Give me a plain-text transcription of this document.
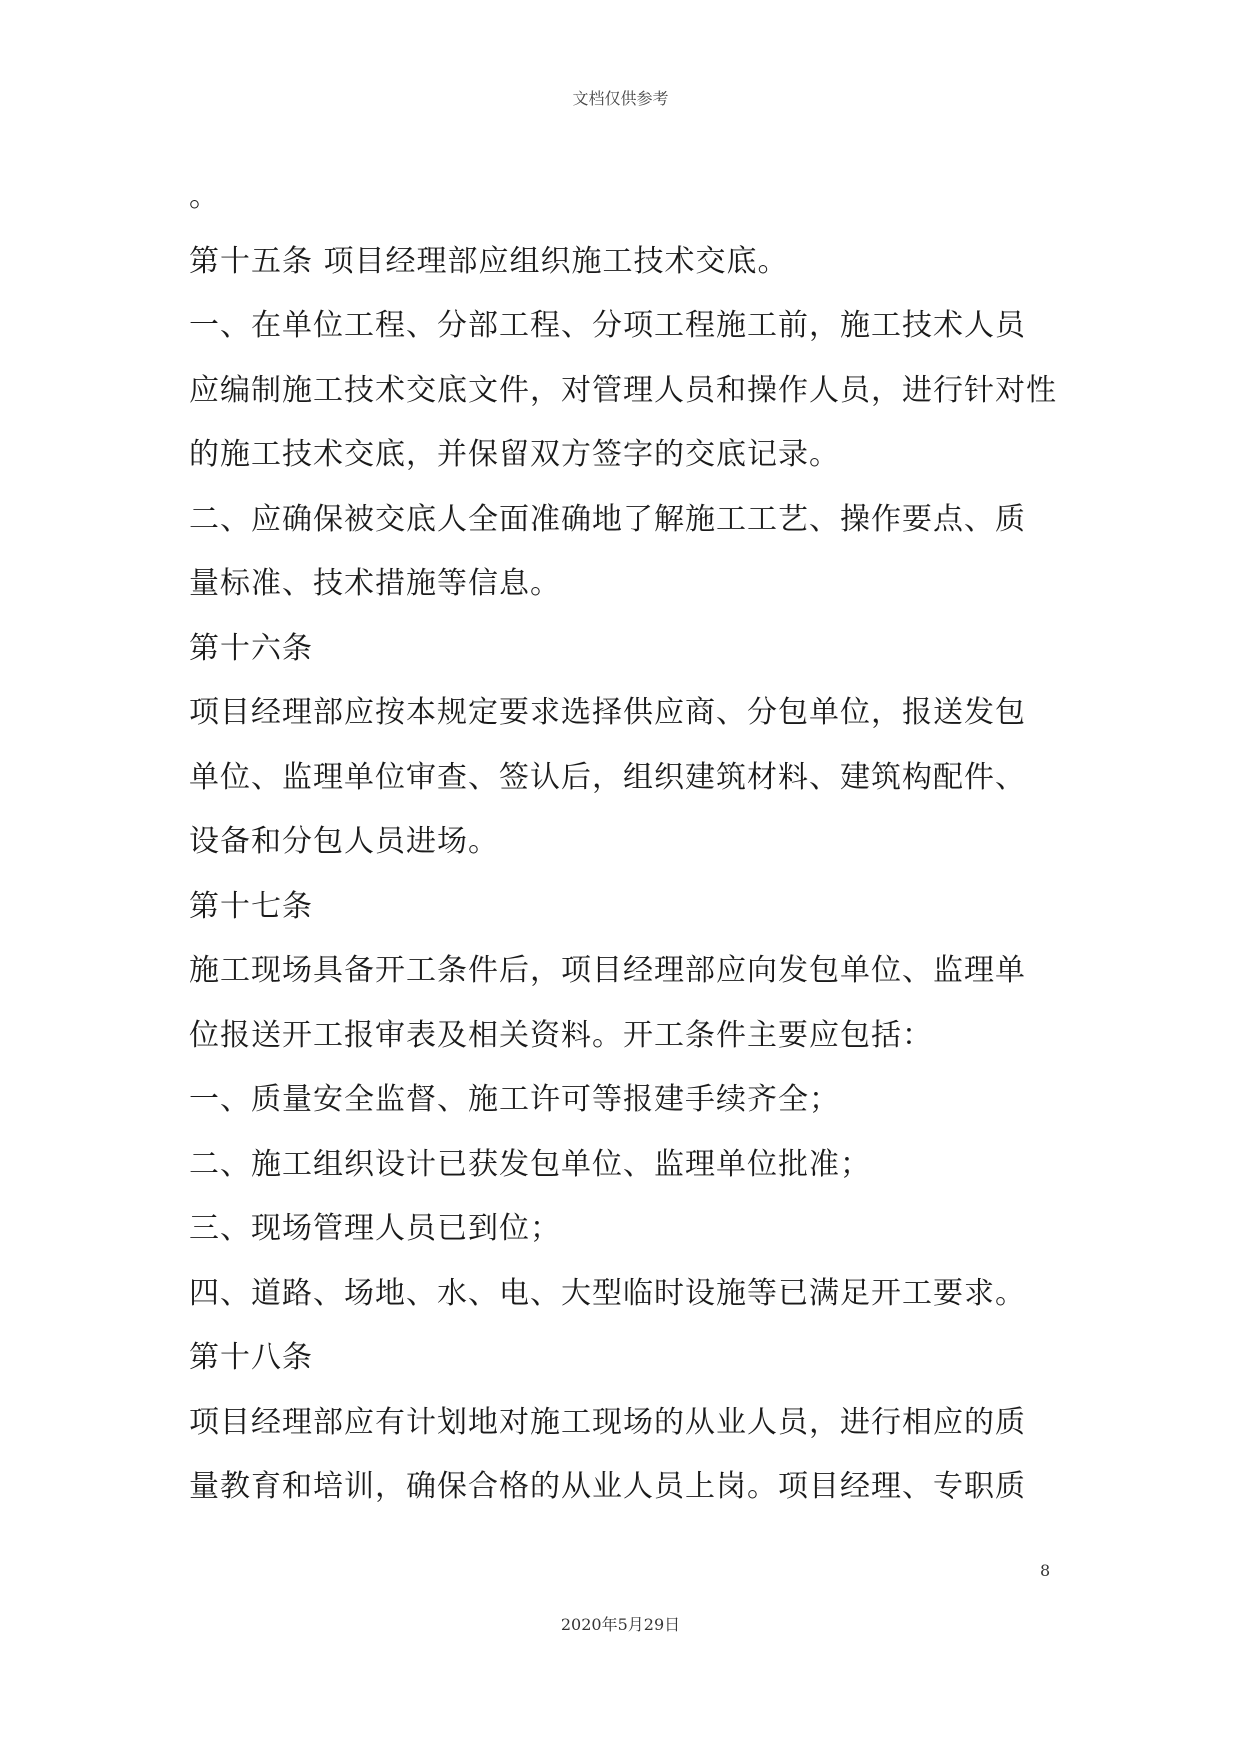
文档仅供参考
。
第十五条 项目经理部应组织施工技术交底。
一、在单位工程、分部工程、分项工程施工前，施工技术人员
应编制施工技术交底文件，对管理人员和操作人员，进行针对性
的施工技术交底，并保留双方签字的交底记录。
二、应确保被交底人全面准确地了解施工工艺、操作要点、质
量标准、技术措施等信息。
第十六条
项目经理部应按本规定要求选择供应商、分包单位，报送发包
单位、监理单位审查、签认后，组织建筑材料、建筑构配件、
设备和分包人员进场。
第十七条
施工现场具备开工条件后，项目经理部应向发包单位、监理单
位报送开工报审表及相关资料。开工条件主要应包括：
一、质量安全监督、施工许可等报建手续齐全；
二、施工组织设计已获发包单位、监理单位批准；
三、现场管理人员已到位；
四、道路、场地、水、电、大型临时设施等已满足开工要求。
第十八条
项目经理部应有计划地对施工现场的从业人员，进行相应的质
量教育和培训，确保合格的从业人员上岗。项目经理、专职质
8
2020年5月29日
